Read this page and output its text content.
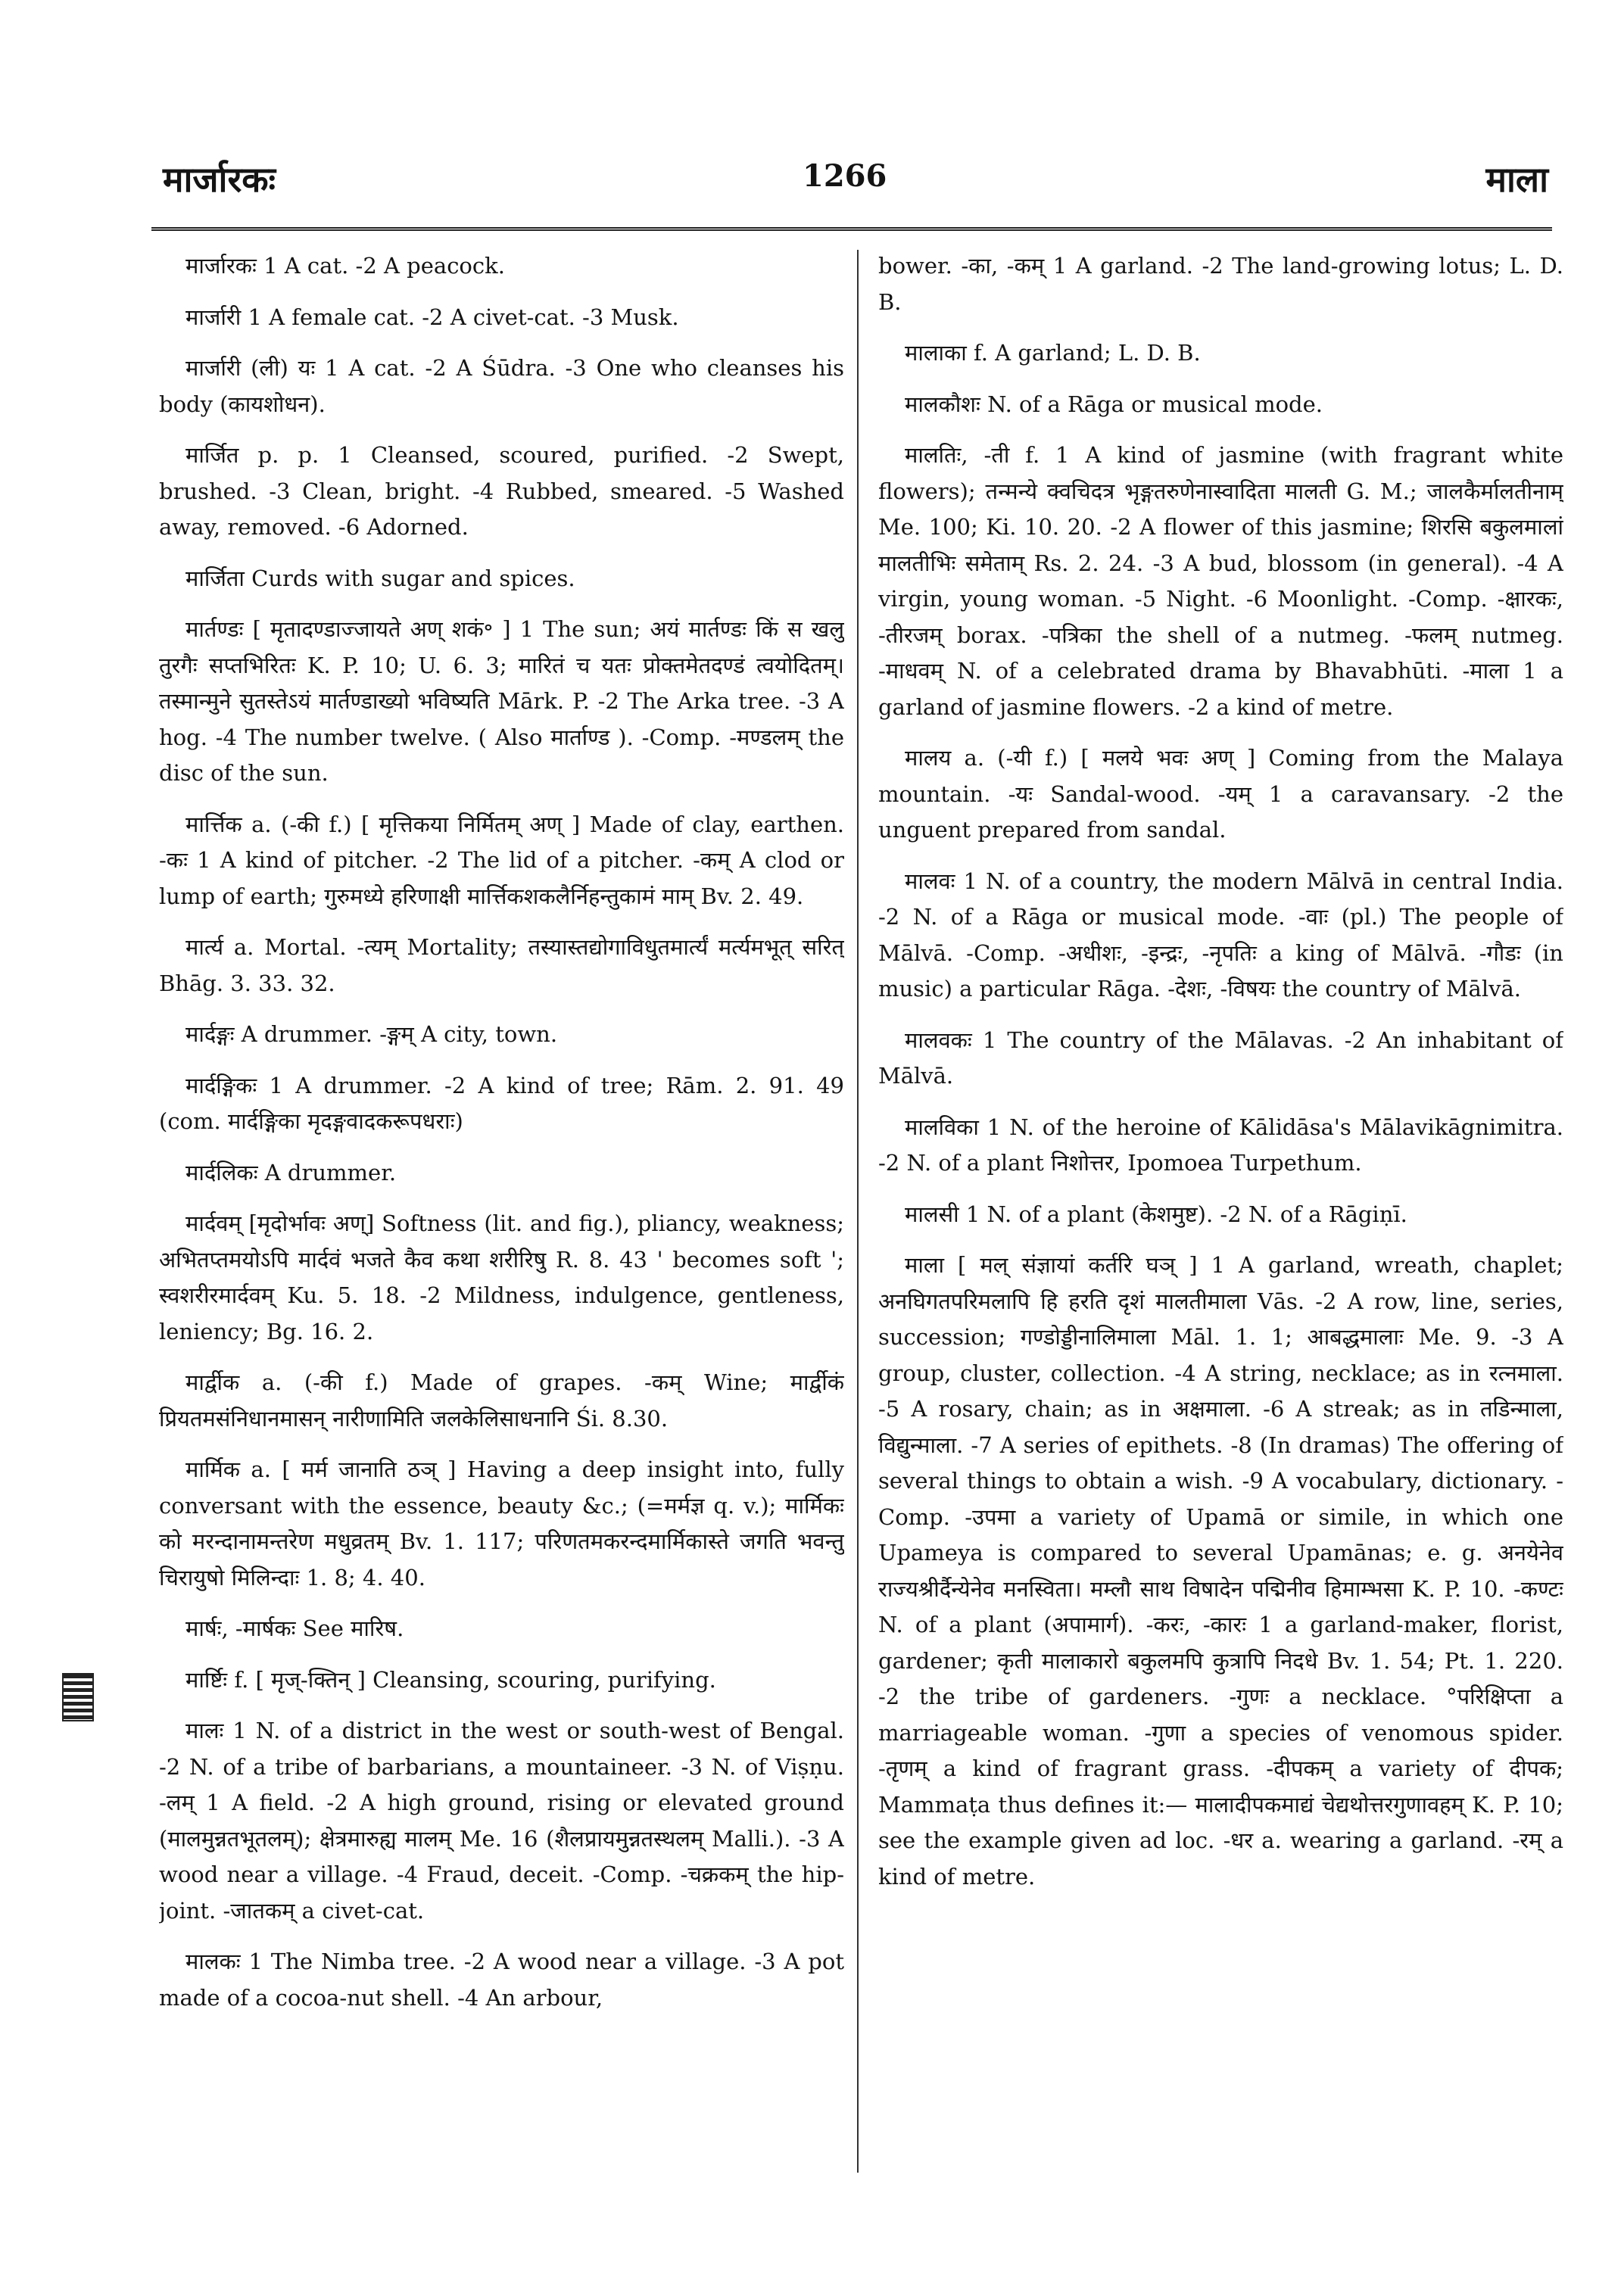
मार्जारकः	1266	माला

मार्जारकः 1 A cat. -2 A peacock.

मार्जारी 1 A female cat. -2 A civet-cat. -3 Musk.

मार्जारी (ली) यः 1 A cat. -2 A Śūdra. -3 One who cleanses his body (कायशोधन).

मार्जित p. p. 1 Cleansed, scoured, purified. -2 Swept, brushed. -3 Clean, bright. -4 Rubbed, smeared. -5 Washed away, removed. -6 Adorned.

मार्जिता Curds with sugar and spices.

मार्तण्डः [ मृतादण्डाज्जायते अण् शकं॰ ] 1 The sun; अयं मार्तण्डः किं स खलु तुरगैः सप्तभिरितः K. P. 10; U. 6. 3; मारितं च यतः प्रोक्तमेतदण्डं त्वयोदितम्। तस्मान्मुने सुतस्तेऽयं मार्तण्डाख्यो भविष्यति Mārk. P. -2 The Arka tree. -3 A hog. -4 The number twelve. ( Also मार्ताण्ड ). -Comp. -मण्डलम् the disc of the sun.

मार्त्तिक a. (-की f.) [ मृत्तिकया निर्मितम् अण् ] Made of clay, earthen. -कः 1 A kind of pitcher. -2 The lid of a pitcher. -कम् A clod or lump of earth; गुरुमध्ये हरिणाक्षी मार्त्तिकशकलैर्निहन्तुकामं माम् Bv. 2. 49.

मार्त्य a. Mortal. -त्यम् Mortality; तस्यास्तद्योगाविधुतमार्त्यं मर्त्यमभूत् सरित् Bhāg. 3. 33. 32.

मार्दङ्गः A drummer. -ङ्गम् A city, town.

मार्दङ्गिकः 1 A drummer. -2 A kind of tree; Rām. 2. 91. 49 (com. मार्दङ्गिका मृदङ्गवादकरूपधराः)

मार्दलिकः A drummer.

मार्दवम् [मृदोर्भावः अण्] Softness (lit. and fig.), pliancy, weakness; अभितप्तमयोऽपि मार्दवं भजते कैव कथा शरीरिषु R. 8. 43 ' becomes soft '; स्वशरीरमार्दवम् Ku. 5. 18. -2 Mildness, indulgence, gentleness, leniency; Bg. 16. 2.

मार्द्वीक a. (-की f.) Made of grapes. -कम् Wine; मार्द्वीकं प्रियतमसंनिधानमासन् नारीणामिति जलकेलिसाधनानि Śi. 8.30.

मार्मिक a. [ मर्म जानाति ठञ् ] Having a deep insight into, fully conversant with the essence, beauty &c.; (=मर्मज्ञ q. v.); मार्मिकः को मरन्दानामन्तरेण मधुव्रतम् Bv. 1. 117; परिणतमकरन्दमार्मिकास्ते जगति भवन्तु चिरायुषो मिलिन्दाः 1. 8; 4. 40.

मार्षः, -मार्षकः See मारिष.

मार्ष्टिः f. [ मृज्-क्तिन् ] Cleansing, scouring, purifying.

मालः 1 N. of a district in the west or south-west of Bengal. -2 N. of a tribe of barbarians, a mountaineer. -3 N. of Viṣṇu. -लम् 1 A field. -2 A high ground, rising or elevated ground (मालमुन्नतभूतलम्); क्षेत्रमारुह्य मालम् Me. 16 (शैलप्रायमुन्नतस्थलम् Malli.). -3 A wood near a village. -4 Fraud, deceit. -Comp. -चक्रकम् the hip-joint. -जातकम् a civet-cat.

मालकः 1 The Nimba tree. -2 A wood near a village. -3 A pot made of a cocoa-nut shell. -4 An arbour,

bower. -का, -कम् 1 A garland. -2 The land-growing lotus; L. D. B.

मालाका f. A garland; L. D. B.

मालकौशः N. of a Rāga or musical mode.

मालतिः, -ती f. 1 A kind of jasmine (with fragrant white flowers); तन्मन्ये क्वचिदत्र भृङ्गतरुणेनास्वादिता मालती G. M.; जालकैर्मालतीनाम् Me. 100; Ki. 10. 20. -2 A flower of this jasmine; शिरसि बकुलमालां मालतीभिः समेताम् Rs. 2. 24. -3 A bud, blossom (in general). -4 A virgin, young woman. -5 Night. -6 Moonlight. -Comp. -क्षारकः, -तीरजम् borax. -पत्रिका the shell of a nutmeg. -फलम् nutmeg. -माधवम् N. of a celebrated drama by Bhavabhūti. -माला 1 a garland of jasmine flowers. -2 a kind of metre.

मालय a. (-यी f.) [ मलये भवः अण् ] Coming from the Malaya mountain. -यः Sandal-wood. -यम् 1 a caravansary. -2 the unguent prepared from sandal.

मालवः 1 N. of a country, the modern Mālvā in central India. -2 N. of a Rāga or musical mode. -वाः (pl.) The people of Mālvā. -Comp. -अधीशः, -इन्द्रः, -नृपतिः a king of Mālvā. -गौडः (in music) a particular Rāga. -देशः, -विषयः the country of Mālvā.

मालवकः 1 The country of the Mālavas. -2 An inhabitant of Mālvā.

मालविका 1 N. of the heroine of Kālidāsa's Mālavikāgnimitra. -2 N. of a plant निशोत्तर, Ipomoea Turpethum.

मालसी 1 N. of a plant (केशमुष्ट). -2 N. of a Rāgiṇī.

माला [ मल् संज्ञायां कर्तरि घञ् ] 1 A garland, wreath, chaplet; अनघिगतपरिमलापि हि हरति दृशं मालतीमाला Vās. -2 A row, line, series, succession; गण्डोड्डीनालिमाला Māl. 1. 1; आबद्धमालाः Me. 9. -3 A group, cluster, collection. -4 A string, necklace; as in रत्नमाला. -5 A rosary, chain; as in अक्षमाला. -6 A streak; as in तडिन्माला, विद्युन्माला. -7 A series of epithets. -8 (In dramas) The offering of several things to obtain a wish. -9 A vocabulary, dictionary. -Comp. -उपमा a variety of Upamā or simile, in which one Upameya is compared to several Upamānas; e. g. अनयेनेव राज्यश्रीर्दैन्येनेव मनस्विता। मम्लौ साथ विषादेन पद्मिनीव हिमाम्भसा K. P. 10. -कण्टः N. of a plant (अपामार्ग). -करः, -कारः 1 a garland-maker, florist, gardener; कृती मालाकारो बकुलमपि कुत्रापि निदधे Bv. 1. 54; Pt. 1. 220. -2 the tribe of gardeners. -गुणः a necklace. °परिक्षिप्ता a marriageable woman. -गुणा a species of venomous spider. -तृणम् a kind of fragrant grass. -दीपकम् a variety of दीपक; Mammaṭa thus defines it:— मालादीपकमाद्यं चेद्यथोत्तरगुणावहम् K. P. 10; see the example given ad loc. -धर a. wearing a garland. -रम् a kind of metre.
